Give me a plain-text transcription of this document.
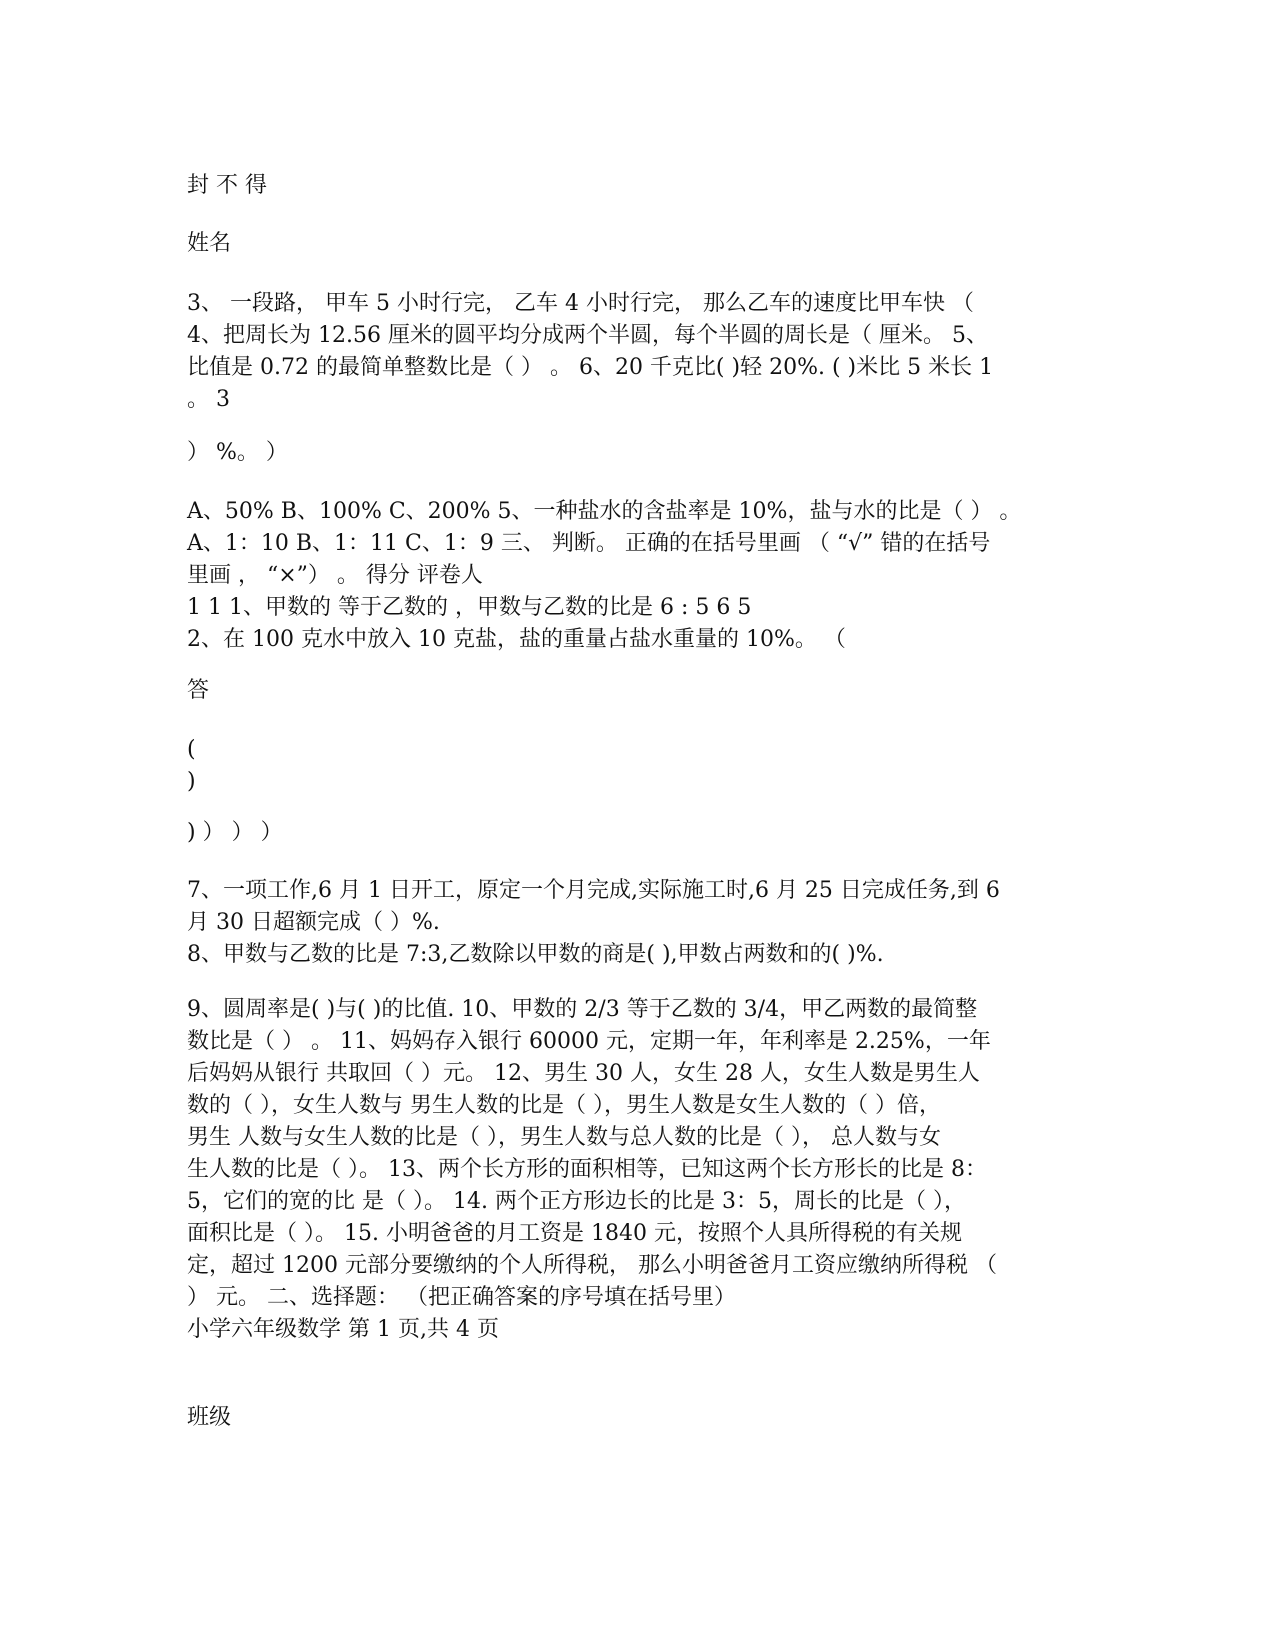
封 不 得
姓名
3、 一段路， 甲车 5 小时行完， 乙车 4 小时行完， 那么乙车的速度比甲车快 （
4、把周长为 12.56 厘米的圆平均分成两个半圆，每个半圆的周长是（ 厘米。 5、
比值是 0.72 的最简单整数比是（ ） 。 6、20 千克比( )轻 20%. ( )米比 5 米长 1
。 3
） %。 ）
A、50% B、100% C、200% 5、一种盐水的含盐率是 10%，盐与水的比是（ ） 。
A、1：10 B、1：11 C、1：9 三、 判断。 正确的在括号里画 （ “√” 错的在括号
里画 ， “×”） 。 得分 评卷人
1 1 1、甲数的 等于乙数的 ，甲数与乙数的比是 6 : 5 6 5
2、在 100 克水中放入 10 克盐，盐的重量占盐水重量的 10%。 （
答
(
)
) ） ） ）
7、一项工作,6 月 1 日开工，原定一个月完成,实际施工时,6 月 25 日完成任务,到 6
月 30 日超额完成（ ）%.
8、甲数与乙数的比是 7:3,乙数除以甲数的商是( ),甲数占两数和的( )%.
9、圆周率是( )与( )的比值. 10、甲数的 2/3 等于乙数的 3/4，甲乙两数的最简整
数比是（ ） 。 11、妈妈存入银行 60000 元，定期一年，年利率是 2.25%，一年
后妈妈从银行 共取回（ ）元。 12、男生 30 人，女生 28 人，女生人数是男生人
数的（ ），女生人数与 男生人数的比是（ ），男生人数是女生人数的（ ）倍，
男生 人数与女生人数的比是（ ），男生人数与总人数的比是（ ）， 总人数与女
生人数的比是（ ）。 13、两个长方形的面积相等，已知这两个长方形长的比是 8：
5，它们的宽的比 是（ ）。 14. 两个正方形边长的比是 3：5，周长的比是（ ），
面积比是（ ）。 15. 小明爸爸的月工资是 1840 元，按照个人具所得税的有关规
定，超过 1200 元部分要缴纳的个人所得税， 那么小明爸爸月工资应缴纳所得税 （
） 元。 二、选择题： （把正确答案的序号填在括号里）
小学六年级数学 第 1 页,共 4 页
班级
